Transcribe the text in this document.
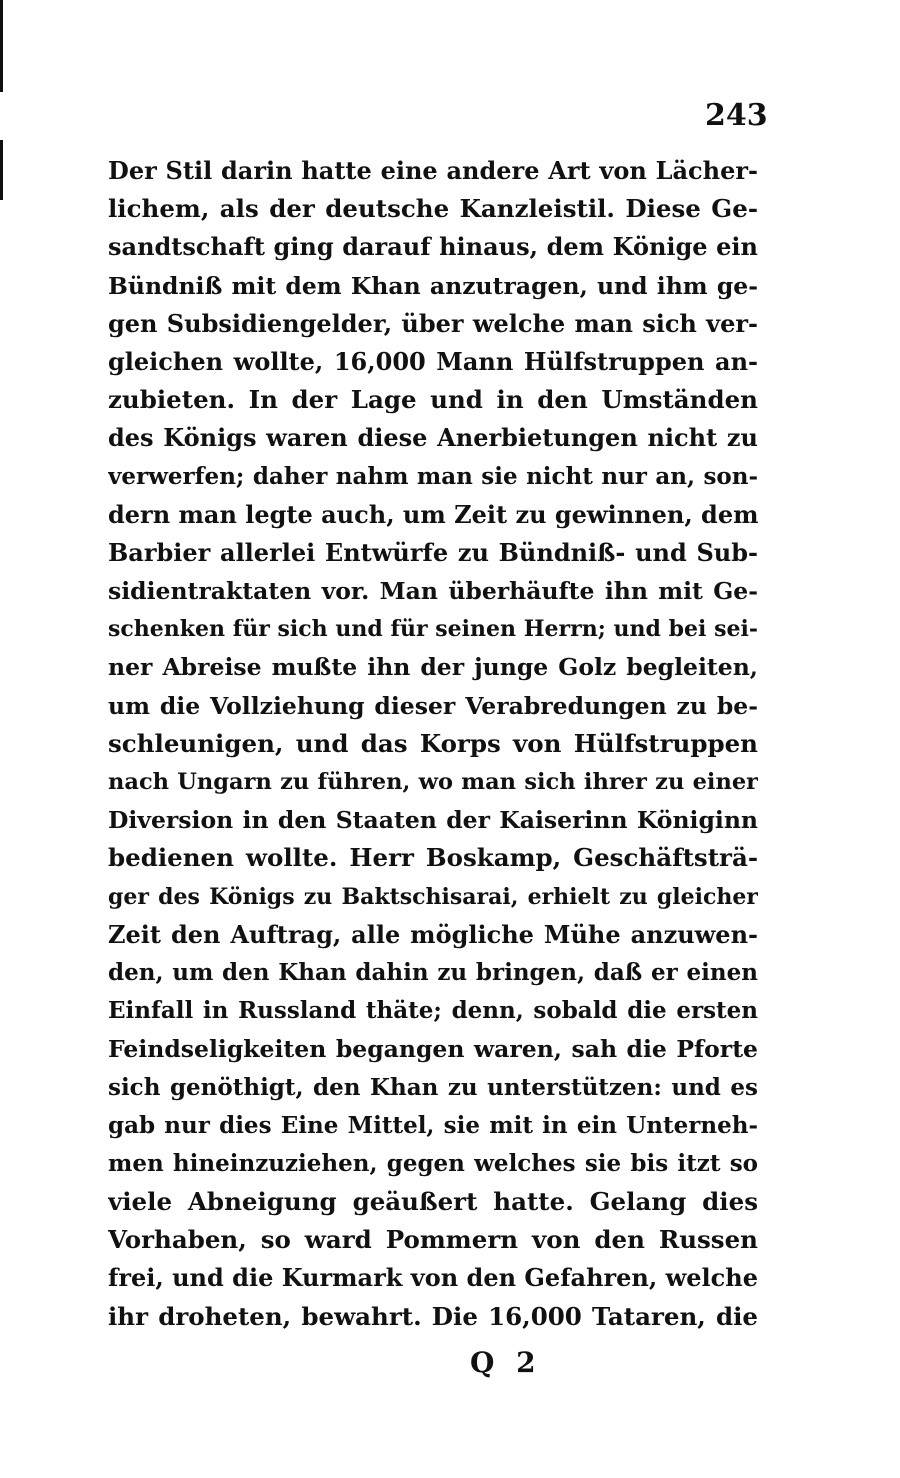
243
Der Stil darin hatte eine andere Art von Lächer-
lichem, als der deutsche Kanzleistil. Diese Ge-
sandtschaft ging darauf hinaus, dem Könige ein
Bündniß mit dem Khan anzutragen, und ihm ge-
gen Subsidiengelder, über welche man sich ver-
gleichen wollte, 16,000 Mann Hülfstruppen an-
zubieten. In der Lage und in den Umständen
des Königs waren diese Anerbietungen nicht zu
verwerfen; daher nahm man sie nicht nur an, son-
dern man legte auch, um Zeit zu gewinnen, dem
Barbier allerlei Entwürfe zu Bündniß- und Sub-
sidientraktaten vor. Man überhäufte ihn mit Ge-
schenken für sich und für seinen Herrn; und bei sei-
ner Abreise mußte ihn der junge Golz begleiten,
um die Vollziehung dieser Verabredungen zu be-
schleunigen, und das Korps von Hülfstruppen
nach Ungarn zu führen, wo man sich ihrer zu einer
Diversion in den Staaten der Kaiserinn Königinn
bedienen wollte. Herr Boskamp, Geschäftsträ-
ger des Königs zu Baktschisarai, erhielt zu gleicher
Zeit den Auftrag, alle mögliche Mühe anzuwen-
den, um den Khan dahin zu bringen, daß er einen
Einfall in Russland thäte; denn, sobald die ersten
Feindseligkeiten begangen waren, sah die Pforte
sich genöthigt, den Khan zu unterstützen: und es
gab nur dies Eine Mittel, sie mit in ein Unterneh-
men hineinzuziehen, gegen welches sie bis itzt so
viele Abneigung geäußert hatte. Gelang dies
Vorhaben, so ward Pommern von den Russen
frei, und die Kurmark von den Gefahren, welche
ihr droheten, bewahrt. Die 16,000 Tataren, die
Q 2
